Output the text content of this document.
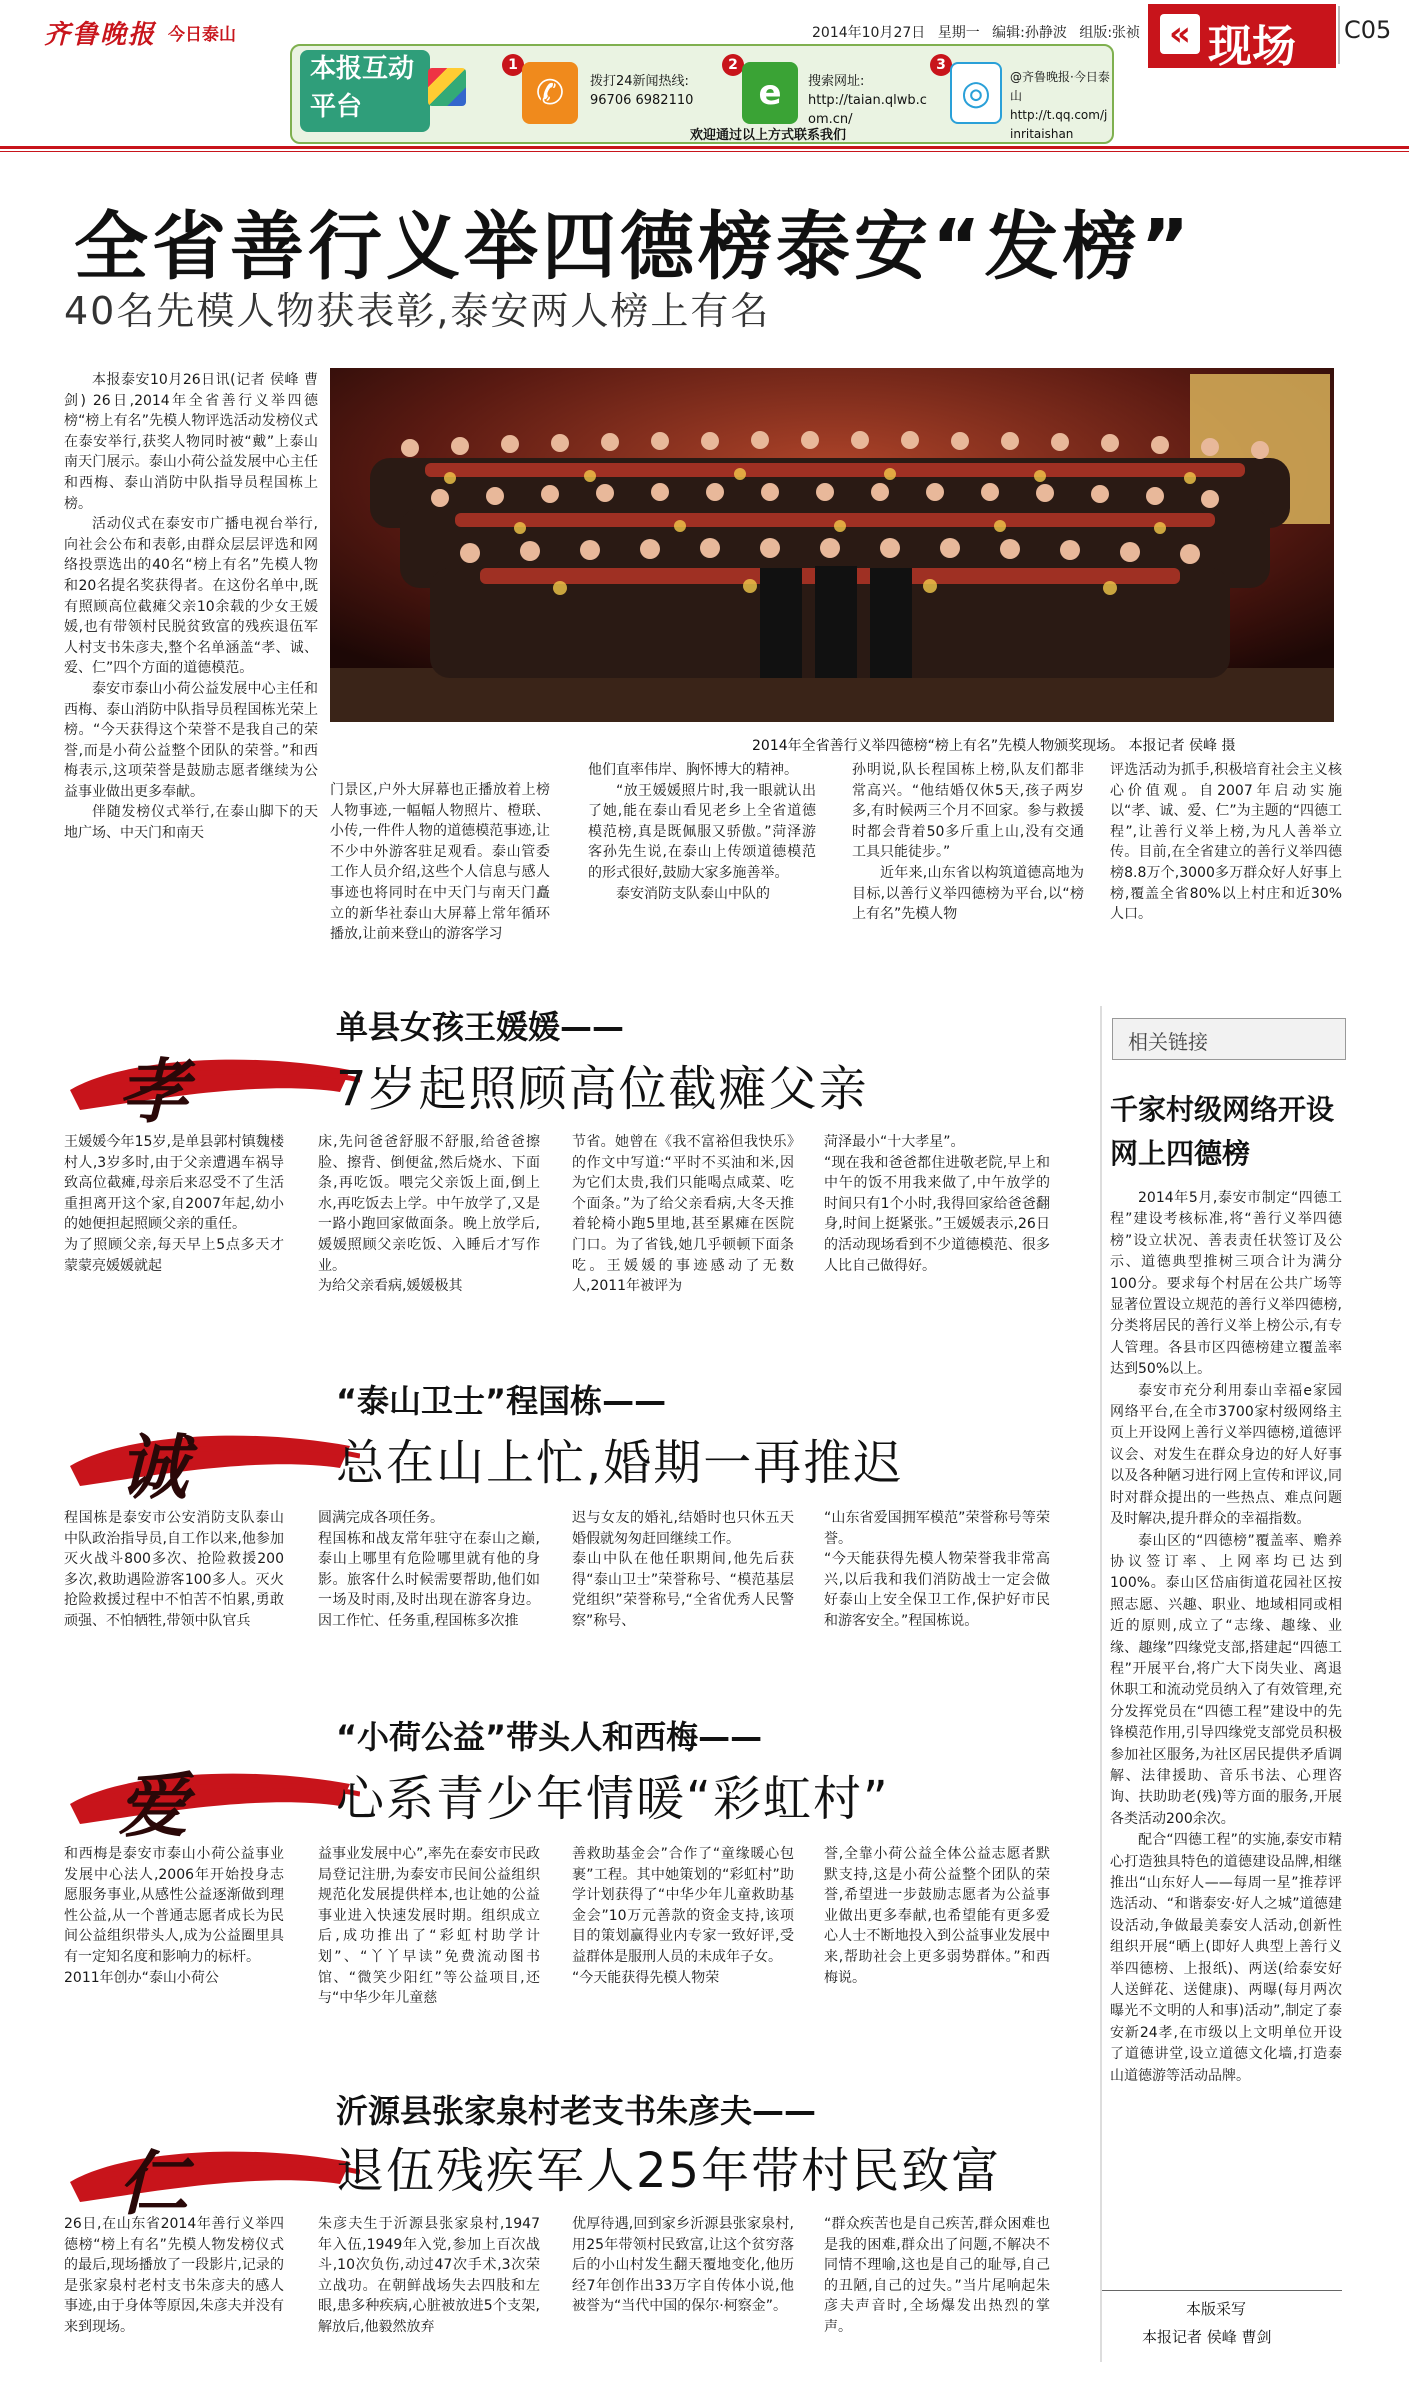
齐鲁晚报 今日泰山	2014年10月27日 星期一 编辑:孙静波 组版:张祯 « 现场 C05
本报互动平台
1
✆	拨打24新闻热线:
96706 6982110
2
e	搜索网址:
http://taian.qlwb.com.cn/
3
◎	@齐鲁晚报·今日泰山
http://t.qq.com/jinritaishan
欢迎通过以上方式联系我们
全省善行义举四德榜泰安“发榜”
40名先模人物获表彰,泰安两人榜上有名
2014年全省善行义举四德榜“榜上有名”先模人物颁奖现场。 本报记者 侯峰 摄

本报泰安10月26日讯(记者 侯峰 曹剑) 26日,2014年全省善行义举四德榜“榜上有名”先模人物评选活动发榜仪式在泰安举行,获奖人物同时被“戴”上泰山南天门展示。泰山小荷公益发展中心主任和西梅、泰山消防中队指导员程国栋上榜。

活动仪式在泰安市广播电视台举行,向社会公布和表彰,由群众层层评选和网络投票选出的40名“榜上有名”先模人物和20名提名奖获得者。在这份名单中,既有照顾高位截瘫父亲10余载的少女王媛媛,也有带领村民脱贫致富的残疾退伍军人村支书朱彦夫,整个名单涵盖“孝、诚、爱、仁”四个方面的道德模范。

泰安市泰山小荷公益发展中心主任和西梅、泰山消防中队指导员程国栋光荣上榜。“今天获得这个荣誉不是我自己的荣誉,而是小荷公益整个团队的荣誉。”和西梅表示,这项荣誉是鼓励志愿者继续为公益事业做出更多奉献。

伴随发榜仪式举行,在泰山脚下的天地广场、中天门和南天

门景区,户外大屏幕也正播放着上榜人物事迹,一幅幅人物照片、橙联、小传,一件件人物的道德模范事迹,让不少中外游客驻足观看。泰山管委工作人员介绍,这些个人信息与感人事迹也将同时在中天门与南天门矗立的新华社泰山大屏幕上常年循环播放,让前来登山的游客学习

他们直率伟岸、胸怀博大的精神。

“放王媛媛照片时,我一眼就认出了她,能在泰山看见老乡上全省道德模范榜,真是既佩服又骄傲。”菏泽游客孙先生说,在泰山上传颂道德模范的形式很好,鼓励大家多施善举。

泰安消防支队泰山中队的

孙明说,队长程国栋上榜,队友们都非常高兴。“他结婚仅休5天,孩子两岁多,有时候两三个月不回家。参与救援时都会背着50多斤重上山,没有交通工具只能徒步。”

近年来,山东省以构筑道德高地为目标,以善行义举四德榜为平台,以“榜上有名”先模人物

评选活动为抓手,积极培育社会主义核心价值观。自2007年启动实施以“孝、诚、爱、仁”为主题的“四德工程”,让善行义举上榜,为凡人善举立传。目前,在全省建立的善行义举四德榜8.8万个,3000多万群众好人好事上榜,覆盖全省80%以上村庄和近30%人口。

相关链接
千家村级网络开设网上四德榜

2014年5月,泰安市制定“四德工程”建设考核标准,将“善行义举四德榜”设立状况、善表责任状签订及公示、道德典型推树三项合计为满分100分。要求每个村居在公共广场等显著位置设立规范的善行义举四德榜,分类将居民的善行义举上榜公示,有专人管理。各县市区四德榜建立覆盖率达到50%以上。

泰安市充分利用泰山幸福e家园网络平台,在全市3700家村级网络主页上开设网上善行义举四德榜,道德评议会、对发生在群众身边的好人好事以及各种陋习进行网上宣传和评议,同时对群众提出的一些热点、难点问题及时解决,提升群众的幸福指数。

泰山区的“四德榜”覆盖率、赡养协议签订率、上网率均已达到100%。泰山区岱庙街道花园社区按照志愿、兴趣、职业、地域相同或相近的原则,成立了“志缘、趣缘、业缘、趣缘”四缘党支部,搭建起“四德工程”开展平台,将广大下岗失业、离退休职工和流动党员纳入了有效管理,充分发挥党员在“四德工程”建设中的先锋模范作用,引导四缘党支部党员积极参加社区服务,为社区居民提供矛盾调解、法律援助、音乐书法、心理咨询、扶助助老(残)等方面的服务,开展各类活动200余次。

配合“四德工程”的实施,泰安市精心打造独具特色的道德建设品牌,相继推出“山东好人——每周一星”推荐评选活动、“和谐泰安·好人之城”道德建设活动,争做最美泰安人活动,创新性组织开展“晒上(即好人典型上善行义举四德榜、上报纸)、两送(给泰安好人送鲜花、送健康)、两曝(每月两次曝光不文明的人和事)活动”,制定了泰安新24孝,在市级以上文明单位开设了道德讲堂,设立道德文化墙,打造泰山道德游等活动品牌。

本版采写
本报记者 侯峰 曹剑
孝
单县女孩王媛媛——
7岁起照顾高位截瘫父亲
王媛媛今年15岁,是单县郭村镇魏楼村人,3岁多时,由于父亲遭遇车祸导致高位截瘫,母亲后来忍受不了生活重担离开这个家,自2007年起,幼小的她便担起照顾父亲的重任。
为了照顾父亲,每天早上5点多天才蒙蒙亮媛媛就起
床,先问爸爸舒服不舒服,给爸爸擦脸、擦背、倒便盆,然后烧水、下面条,再吃饭。喂完父亲饭上面,倒上水,再吃饭去上学。中午放学了,又是一路小跑回家做面条。晚上放学后,媛媛照顾父亲吃饭、入睡后才写作业。
为给父亲看病,媛媛极其
节省。她曾在《我不富裕但我快乐》的作文中写道:“平时不买油和米,因为它们太贵,我们只能喝点咸菜、吃个面条。”为了给父亲看病,大冬天推着轮椅小跑5里地,甚至累瘫在医院门口。为了省钱,她几乎顿顿下面条吃。王媛媛的事迹感动了无数人,2011年被评为
菏泽最小“十大孝星”。
“现在我和爸爸都住进敬老院,早上和中午的饭不用我来做了,中午放学的时间只有1个小时,我得回家给爸爸翻身,时间上挺紧张。”王媛媛表示,26日的活动现场看到不少道德模范、很多人比自己做得好。
诚
“泰山卫士”程国栋——
总在山上忙,婚期一再推迟
程国栋是泰安市公安消防支队泰山中队政治指导员,自工作以来,他参加灭火战斗800多次、抢险救援200多次,救助遇险游客100多人。灭火抢险救援过程中不怕苦不怕累,勇敢顽强、不怕牺牲,带领中队官兵
圆满完成各项任务。
程国栋和战友常年驻守在泰山之巅,泰山上哪里有危险哪里就有他的身影。旅客什么时候需要帮助,他们如一场及时雨,及时出现在游客身边。因工作忙、任务重,程国栋多次推
迟与女友的婚礼,结婚时也只休五天婚假就匆匆赶回继续工作。
泰山中队在他任职期间,他先后获得“泰山卫士”荣誉称号、“模范基层党组织”荣誉称号,“全省优秀人民警察”称号、
“山东省爱国拥军模范”荣誉称号等荣誉。
“今天能获得先模人物荣誉我非常高兴,以后我和我们消防战士一定会做好泰山上安全保卫工作,保护好市民和游客安全。”程国栋说。
爱
“小荷公益”带头人和西梅——
心系青少年情暖“彩虹村”
和西梅是泰安市泰山小荷公益事业发展中心法人,2006年开始投身志愿服务事业,从感性公益逐渐做到理性公益,从一个普通志愿者成长为民间公益组织带头人,成为公益圈里具有一定知名度和影响力的标杆。
2011年创办“泰山小荷公
益事业发展中心”,率先在泰安市民政局登记注册,为泰安市民间公益组织规范化发展提供样本,也让她的公益事业进入快速发展时期。组织成立后,成功推出了“彩虹村助学计划”、“丫丫早读”免费流动图书馆、“微笑少阳红”等公益项目,还与“中华少年儿童慈
善救助基金会”合作了“童缘暖心包裹”工程。其中她策划的“彩虹村”助学计划获得了“中华少年儿童救助基金会”10万元善款的资金支持,该项目的策划赢得业内专家一致好评,受益群体是服刑人员的未成年子女。
“今天能获得先模人物荣
誉,全靠小荷公益全体公益志愿者默默支持,这是小荷公益整个团队的荣誉,希望进一步鼓励志愿者为公益事业做出更多奉献,也希望能有更多爱心人士不断地投入到公益事业发展中来,帮助社会上更多弱势群体。”和西梅说。
仁
沂源县张家泉村老支书朱彦夫——
退伍残疾军人25年带村民致富
26日,在山东省2014年善行义举四德榜“榜上有名”先模人物发榜仪式的最后,现场播放了一段影片,记录的是张家泉村老村支书朱彦夫的感人事迹,由于身体等原因,朱彦夫并没有来到现场。
朱彦夫生于沂源县张家泉村,1947年入伍,1949年入党,参加上百次战斗,10次负伤,动过47次手术,3次荣立战功。在朝鲜战场失去四肢和左眼,患多种疾病,心脏被放进5个支架,解放后,他毅然放弃
优厚待遇,回到家乡沂源县张家泉村,用25年带领村民致富,让这个贫穷落后的小山村发生翻天覆地变化,他历经7年创作出33万字自传体小说,他被誉为“当代中国的保尔·柯察金”。
“群众疾苦也是自己疾苦,群众困难也是我的困难,群众出了问题,不解决不同情不理喻,这也是自己的耻辱,自己的丑陋,自己的过失。”当片尾响起朱彦夫声音时,全场爆发出热烈的掌声。
